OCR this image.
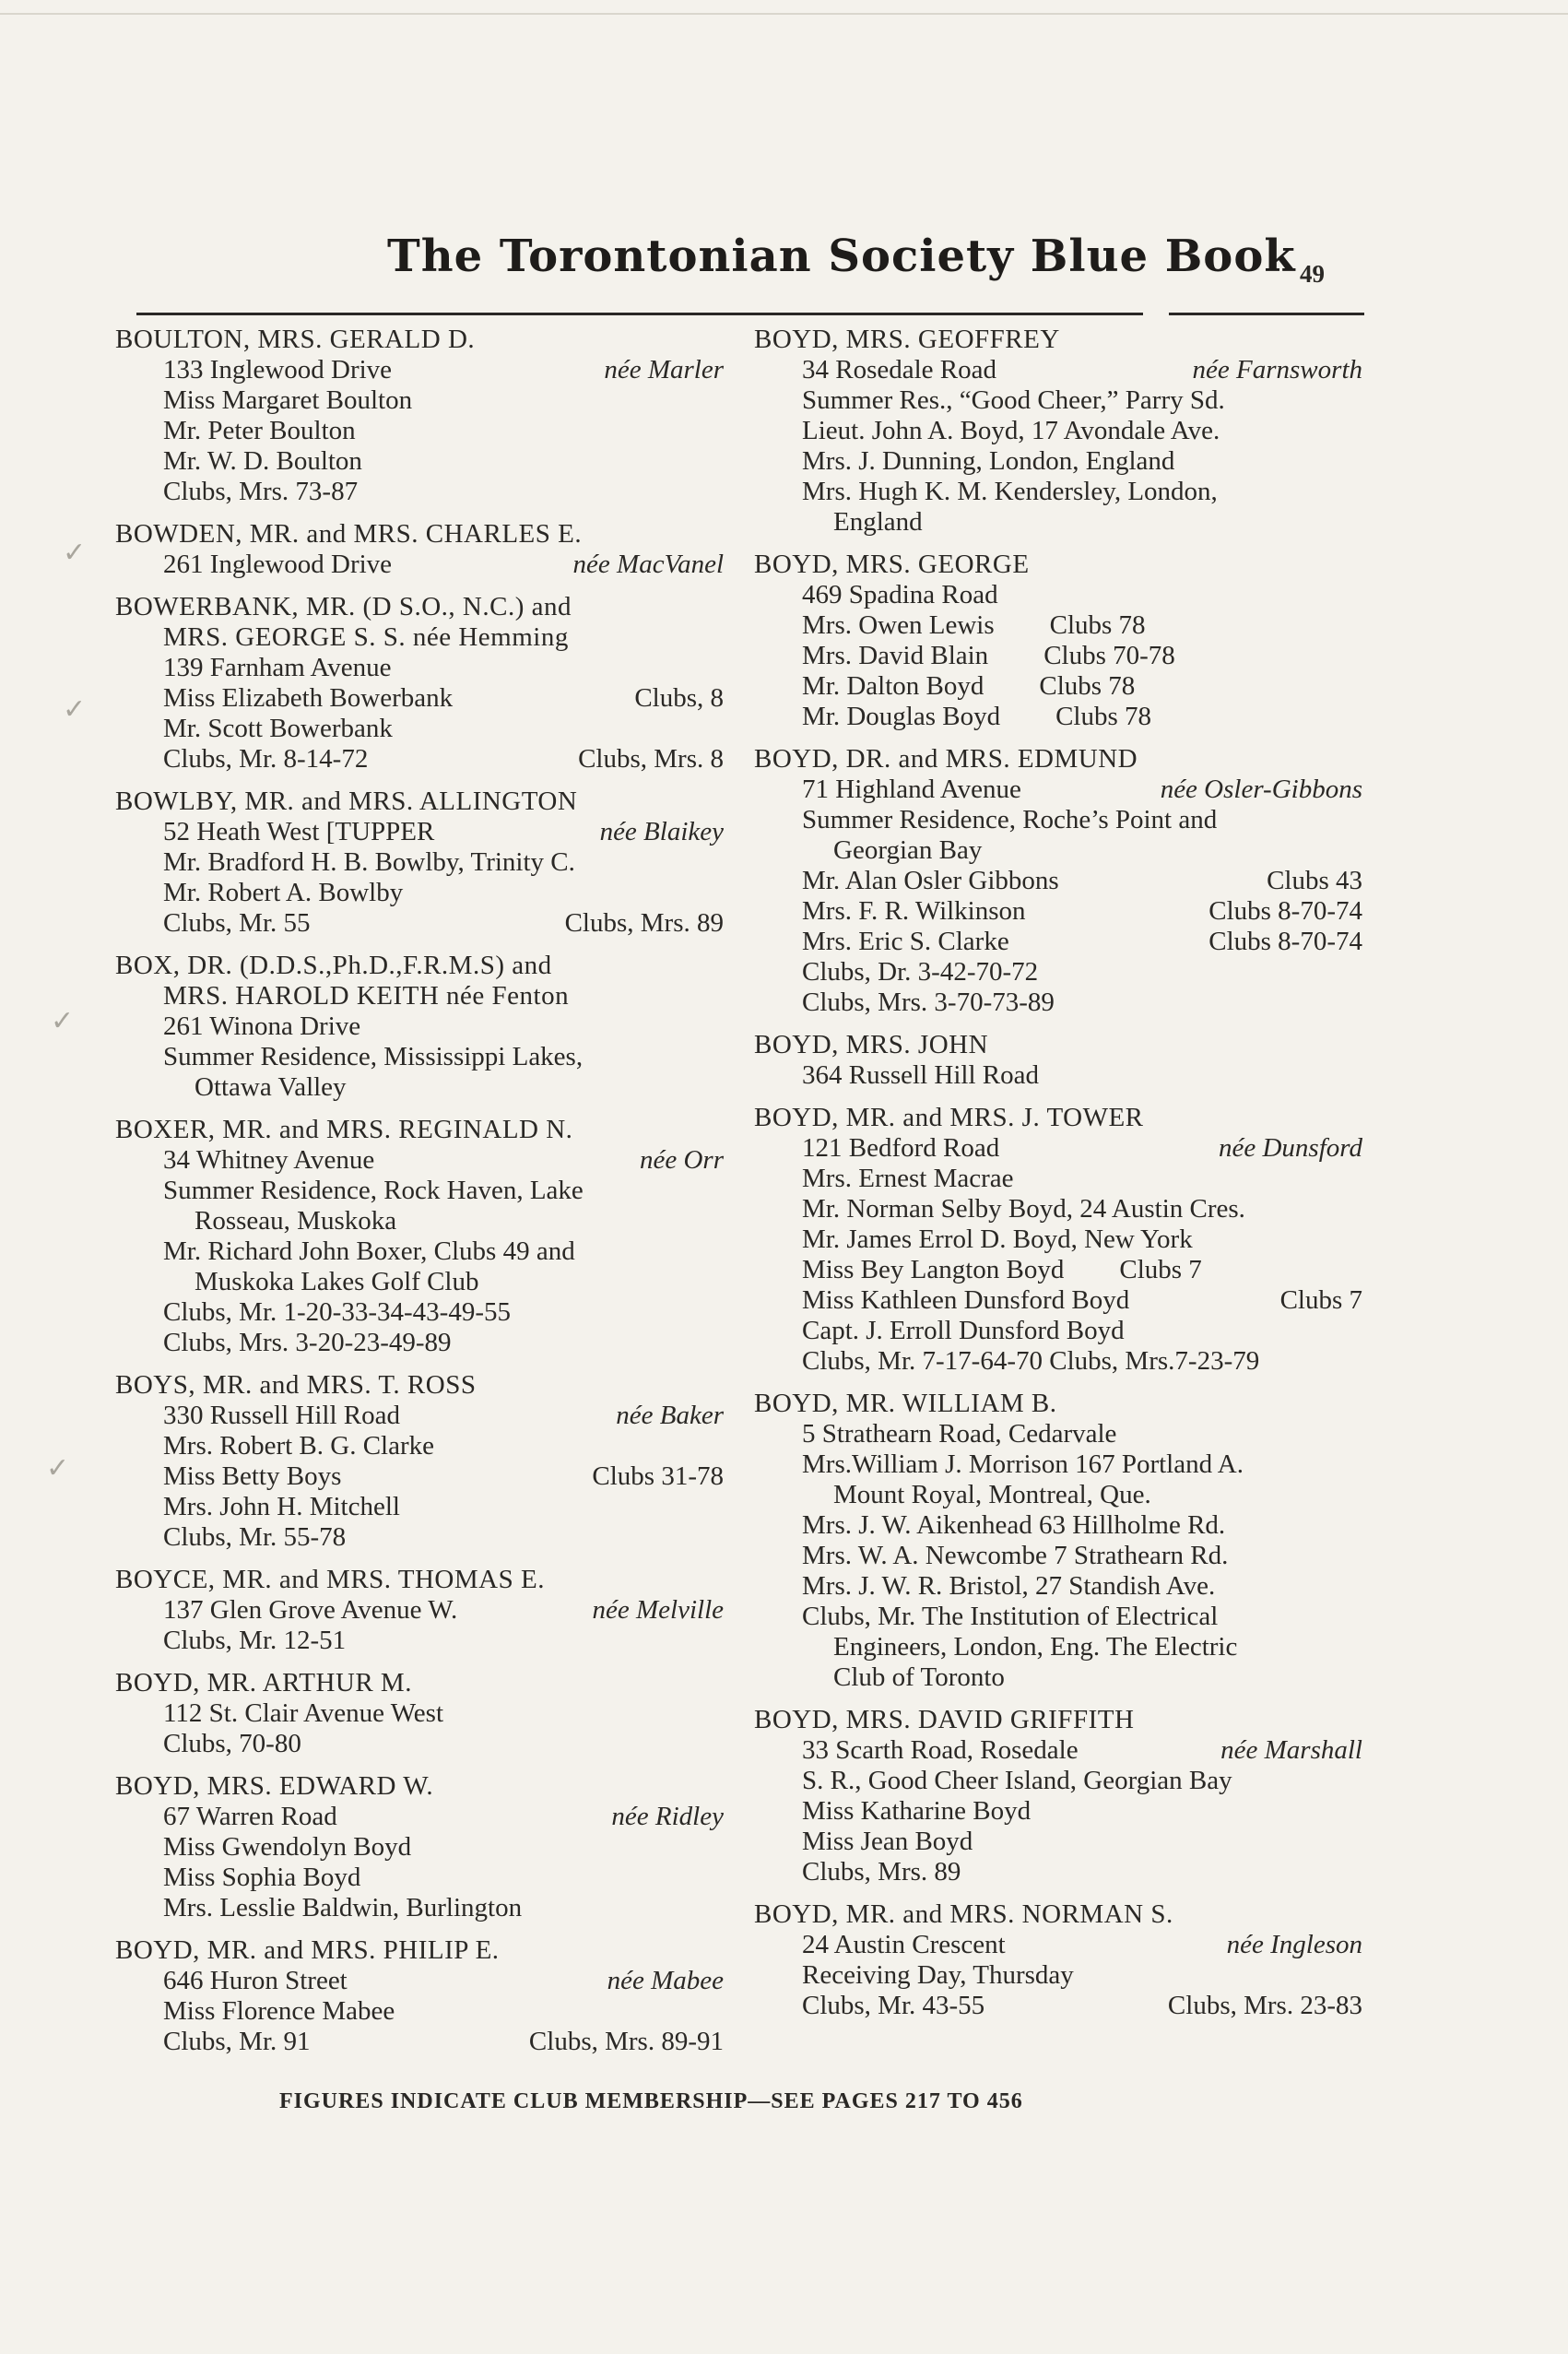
The Torontonian Society Blue Book 49
✓
✓
✓
✓
BOULTON, MRS. GERALD D.
133 Inglewood Drive	née Marler
Miss Margaret Boulton
Mr. Peter Boulton
Mr. W. D. Boulton
Clubs, Mrs. 73-87
BOWDEN, MR. and MRS. CHARLES E.
261 Inglewood Drive	née MacVanel
BOWERBANK, MR. (D S.O., N.C.) and
MRS. GEORGE S. S. née Hemming
139 Farnham Avenue
Miss Elizabeth Bowerbank	Clubs, 8
Mr. Scott Bowerbank
Clubs, Mr. 8-14-72	Clubs, Mrs. 8
BOWLBY, MR. and MRS. ALLINGTON
52 Heath West [TUPPER	née Blaikey
Mr. Bradford H. B. Bowlby, Trinity C.
Mr. Robert A. Bowlby
Clubs, Mr. 55	Clubs, Mrs. 89
BOX, DR. (D.D.S.,Ph.D.,F.R.M.S) and
MRS. HAROLD KEITH née Fenton
261 Winona Drive
Summer Residence, Mississippi Lakes,
Ottawa Valley
BOXER, MR. and MRS. REGINALD N.
34 Whitney Avenue	née Orr
Summer Residence, Rock Haven, Lake
Rosseau, Muskoka
Mr. Richard John Boxer, Clubs 49 and
Muskoka Lakes Golf Club
Clubs, Mr. 1-20-33-34-43-49-55
Clubs, Mrs. 3-20-23-49-89
BOYS, MR. and MRS. T. ROSS
330 Russell Hill Road	née Baker
Mrs. Robert B. G. Clarke
Miss Betty Boys	Clubs 31-78
Mrs. John H. Mitchell
Clubs, Mr. 55-78
BOYCE, MR. and MRS. THOMAS E.
137 Glen Grove Avenue W.	née Melville
Clubs, Mr. 12-51
BOYD, MR. ARTHUR M.
112 St. Clair Avenue West
Clubs, 70-80
BOYD, MRS. EDWARD W.
67 Warren Road	née Ridley
Miss Gwendolyn Boyd
Miss Sophia Boyd
Mrs. Lesslie Baldwin, Burlington
BOYD, MR. and MRS. PHILIP E.
646 Huron Street	née Mabee
Miss Florence Mabee
Clubs, Mr. 91	Clubs, Mrs. 89-91
BOYD, MRS. GEOFFREY
34 Rosedale Road	née Farnsworth
Summer Res., “Good Cheer,” Parry Sd.
Lieut. John A. Boyd, 17 Avondale Ave.
Mrs. J. Dunning, London, England
Mrs. Hugh K. M. Kendersley, London,
England
BOYD, MRS. GEORGE
469 Spadina Road
Mrs. Owen Lewis Clubs 78
Mrs. David Blain Clubs 70-78
Mr. Dalton Boyd Clubs 78
Mr. Douglas Boyd Clubs 78
BOYD, DR. and MRS. EDMUND
71 Highland Avenue	née Osler-Gibbons
Summer Residence, Roche’s Point and
Georgian Bay
Mr. Alan Osler Gibbons	Clubs 43
Mrs. F. R. Wilkinson	Clubs 8-70-74
Mrs. Eric S. Clarke	Clubs 8-70-74
Clubs, Dr. 3-42-70-72
Clubs, Mrs. 3-70-73-89
BOYD, MRS. JOHN
364 Russell Hill Road
BOYD, MR. and MRS. J. TOWER
121 Bedford Road	née Dunsford
Mrs. Ernest Macrae
Mr. Norman Selby Boyd, 24 Austin Cres.
Mr. James Errol D. Boyd, New York
Miss Bey Langton Boyd Clubs 7
Miss Kathleen Dunsford Boyd	Clubs 7
Capt. J. Erroll Dunsford Boyd
Clubs, Mr. 7-17-64-70 Clubs, Mrs.7-23-79
BOYD, MR. WILLIAM B.
5 Strathearn Road, Cedarvale
Mrs.William J. Morrison 167 Portland A.
Mount Royal, Montreal, Que.
Mrs. J. W. Aikenhead 63 Hillholme Rd.
Mrs. W. A. Newcombe 7 Strathearn Rd.
Mrs. J. W. R. Bristol, 27 Standish Ave.
Clubs, Mr. The Institution of Electrical
Engineers, London, Eng. The Electric
Club of Toronto
BOYD, MRS. DAVID GRIFFITH
33 Scarth Road, Rosedale	née Marshall
S. R., Good Cheer Island, Georgian Bay
Miss Katharine Boyd
Miss Jean Boyd
Clubs, Mrs. 89
BOYD, MR. and MRS. NORMAN S.
24 Austin Crescent	née Ingleson
Receiving Day, Thursday
Clubs, Mr. 43-55	Clubs, Mrs. 23-83
FIGURES INDICATE CLUB MEMBERSHIP—SEE PAGES 217 TO 456
